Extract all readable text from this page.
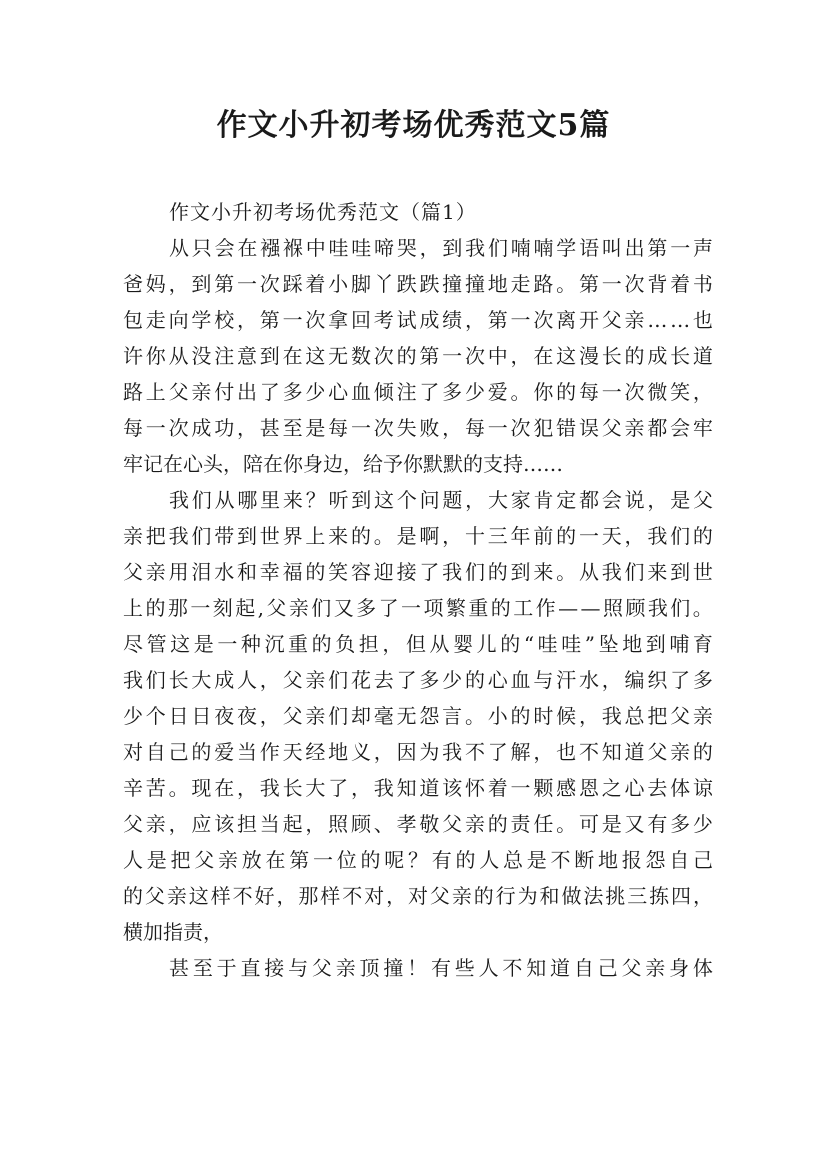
作文小升初考场优秀范文5篇
作文小升初考场优秀范文（篇1）
从 只 会 在 襁 褓 中 哇 哇 啼 哭 ， 到 我 们 喃 喃 学 语 叫 出 第 一 声
爸 妈 ， 到 第 一 次 踩 着 小 脚 丫 跌 跌 撞 撞 地 走 路 。 第 一 次 背 着 书
包 走 向 学 校 ， 第 一 次 拿 回 考 试 成 绩 ， 第 一 次 离 开 父 亲 … … 也
许 你 从 没 注 意 到 在 这 无 数 次 的 第 一 次 中 ， 在 这 漫 长 的 成 长 道
路 上 父 亲 付 出 了 多 少 心 血 倾 注 了 多 少 爱 。 你 的 每 一 次 微 笑 ，
每 一 次 成 功 ， 甚 至 是 每 一 次 失 败 ， 每 一 次 犯 错 误 父 亲 都 会 牢
牢记在心头，陪在你身边，给予你默默的支持……
我 们 从 哪 里 来 ？ 听 到 这 个 问 题 ， 大 家 肯 定 都 会 说 ， 是 父
亲 把 我 们 带 到 世 界 上 来 的 。 是 啊 ， 十 三 年 前 的 一 天 ， 我 们 的
父 亲 用 泪 水 和 幸 福 的 笑 容 迎 接 了 我 们 的 到 来 。 从 我 们 来 到 世
上 的 那 一 刻 起 , 父 亲 们 又 多 了 一 项 繁 重 的 工 作 — — 照 顾 我 们 。
尽 管 这 是 一 种 沉 重 的 负 担 ， 但 从 婴 儿 的 “ 哇 哇 ” 坠 地 到 哺 育
我 们 长 大 成 人 ， 父 亲 们 花 去 了 多 少 的 心 血 与 汗 水 ， 编 织 了 多
少 个 日 日 夜 夜 ， 父 亲 们 却 毫 无 怨 言 。 小 的 时 候 ， 我 总 把 父 亲
对 自 己 的 爱 当 作 天 经 地 义 ， 因 为 我 不 了 解 ， 也 不 知 道 父 亲 的
辛 苦 。 现 在 ， 我 长 大 了 ， 我 知 道 该 怀 着 一 颗 感 恩 之 心 去 体 谅
父 亲 ， 应 该 担 当 起 ， 照 顾 、 孝 敬 父 亲 的 责 任 。 可 是 又 有 多 少
人 是 把 父 亲 放 在 第 一 位 的 呢 ？ 有 的 人 总 是 不 断 地 报 怨 自 己
的 父 亲 这 样 不 好 ， 那 样 不 对 ， 对 父 亲 的 行 为 和 做 法 挑 三 拣 四 ，
横加指责，
甚 至 于 直 接 与 父 亲 顶 撞 ！ 有 些 人 不 知 道 自 己 父 亲 身 体
